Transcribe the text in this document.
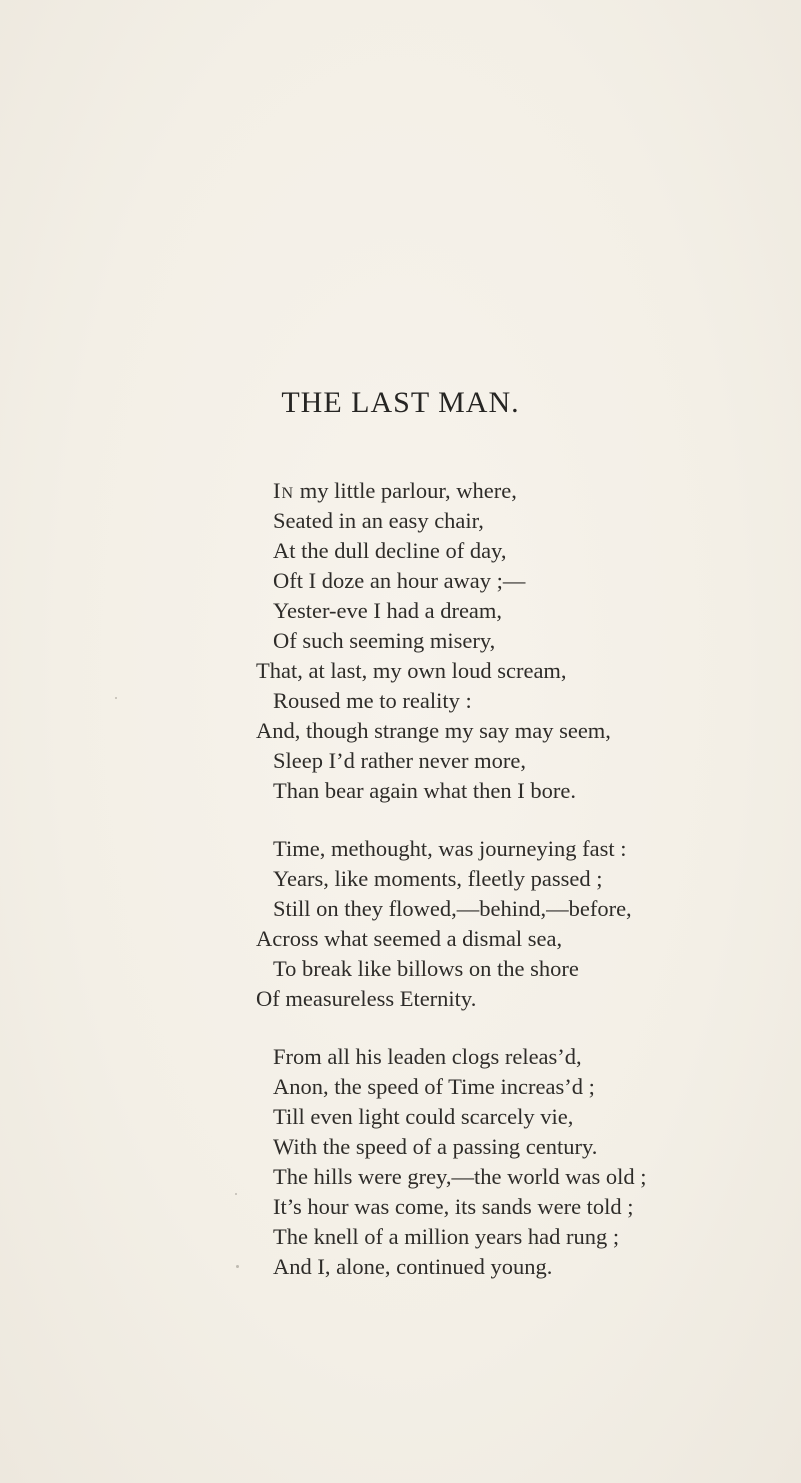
THE LAST MAN.
In my little parlour, where,
Seated in an easy chair,
At the dull decline of day,
Oft I doze an hour away ;—
Yester-eve I had a dream,
Of such seeming misery,
That, at last, my own loud scream,
Roused me to reality :
And, though strange my say may seem,
Sleep I’d rather never more,
Than bear again what then I bore.
Time, methought, was journeying fast :
Years, like moments, fleetly passed ;
Still on they flowed,—behind,—before,
Across what seemed a dismal sea,
To break like billows on the shore
Of measureless Eternity.
From all his leaden clogs releas’d,
Anon, the speed of Time increas’d ;
Till even light could scarcely vie,
With the speed of a passing century.
The hills were grey,—the world was old ;
It’s hour was come, its sands were told ;
The knell of a million years had rung ;
And I, alone, continued young.
